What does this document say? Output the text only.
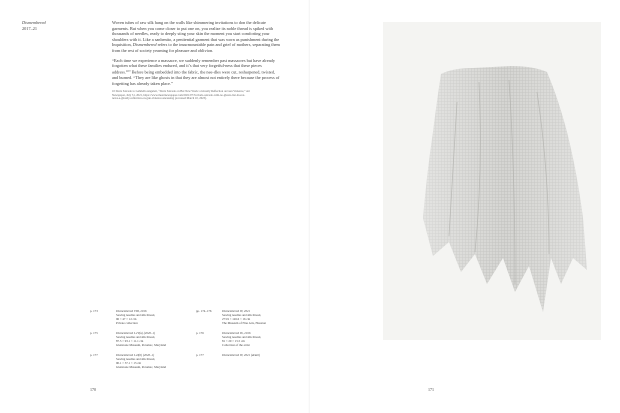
Dismembered
2017–21

Woven tubes of raw silk hang on the walls like shimmering invitations to don the delicate garments. But when you come closer to put one on, you realize its noble thread is spiked with thousands of needles, ready to deeply sting your skin the moment you start comforting your shoulders with it. Like a sanbenito, a penitential garment that was worn as punishment during the Inquisition, Dismembered refers to the insurmountable pain and grief of mothers, separating them from the rest of society yearning for pleasure and oblivion.

“Each time we experience a massacre, we suddenly remember past massacres but have already forgotten what these families endured, and it’s that very forgetful-ness that these pieces address.$^{10}$” Before being embedded into the fabric, the nee-dles were cut, resharpened, twisted, and burned. “They are like ghosts in that they are almost not entirely there because the process of forgetting has already taken place.”

10 Doris Salcedo to Gabriella Angeleti, “Doris Salcedo on Her New Work: a Ghostly Reflection on Gun Violence,” Art Newspaper, July 31, 2021, https://www.theartnewspaper.com/2021/07/31/doris-salcedo-with-no-ghosts-but-its-not-news-a-ghostly-reflection-on-gun-violence-unceasing (accessed March 10, 2023).
p. 173	Dismembered VIII, 2016
Sewing needles and silk thread,
96 × 47 × 12 cm
Private collection
pp. 174–176	Dismembered IV, 2021
Sewing needles and silk thread,
273.9 × 126.6 × 16 cm
The Museum of Fine Arts, Houston
p. 175	Dismembered I–IV(a) (2020–1)
Sewing needles and silk thread,
87.5 × 93.1 × 11.1 cm
Glenstone Museum, Potomac, Maryland
p. 176	Dismembered IX, 2016
Sewing needles and silk thread,
81 × 29 × 15.5 cm
Collection of the artist
p. 177	Dismembered I–II(b) (2020–1)
Sewing needles and silk thread,
90.1 × 37.1 × 15 cm
Glenstone Museum, Potomac, Maryland
p. 177	Dismembered IV, 2021 (detail)
170	171
